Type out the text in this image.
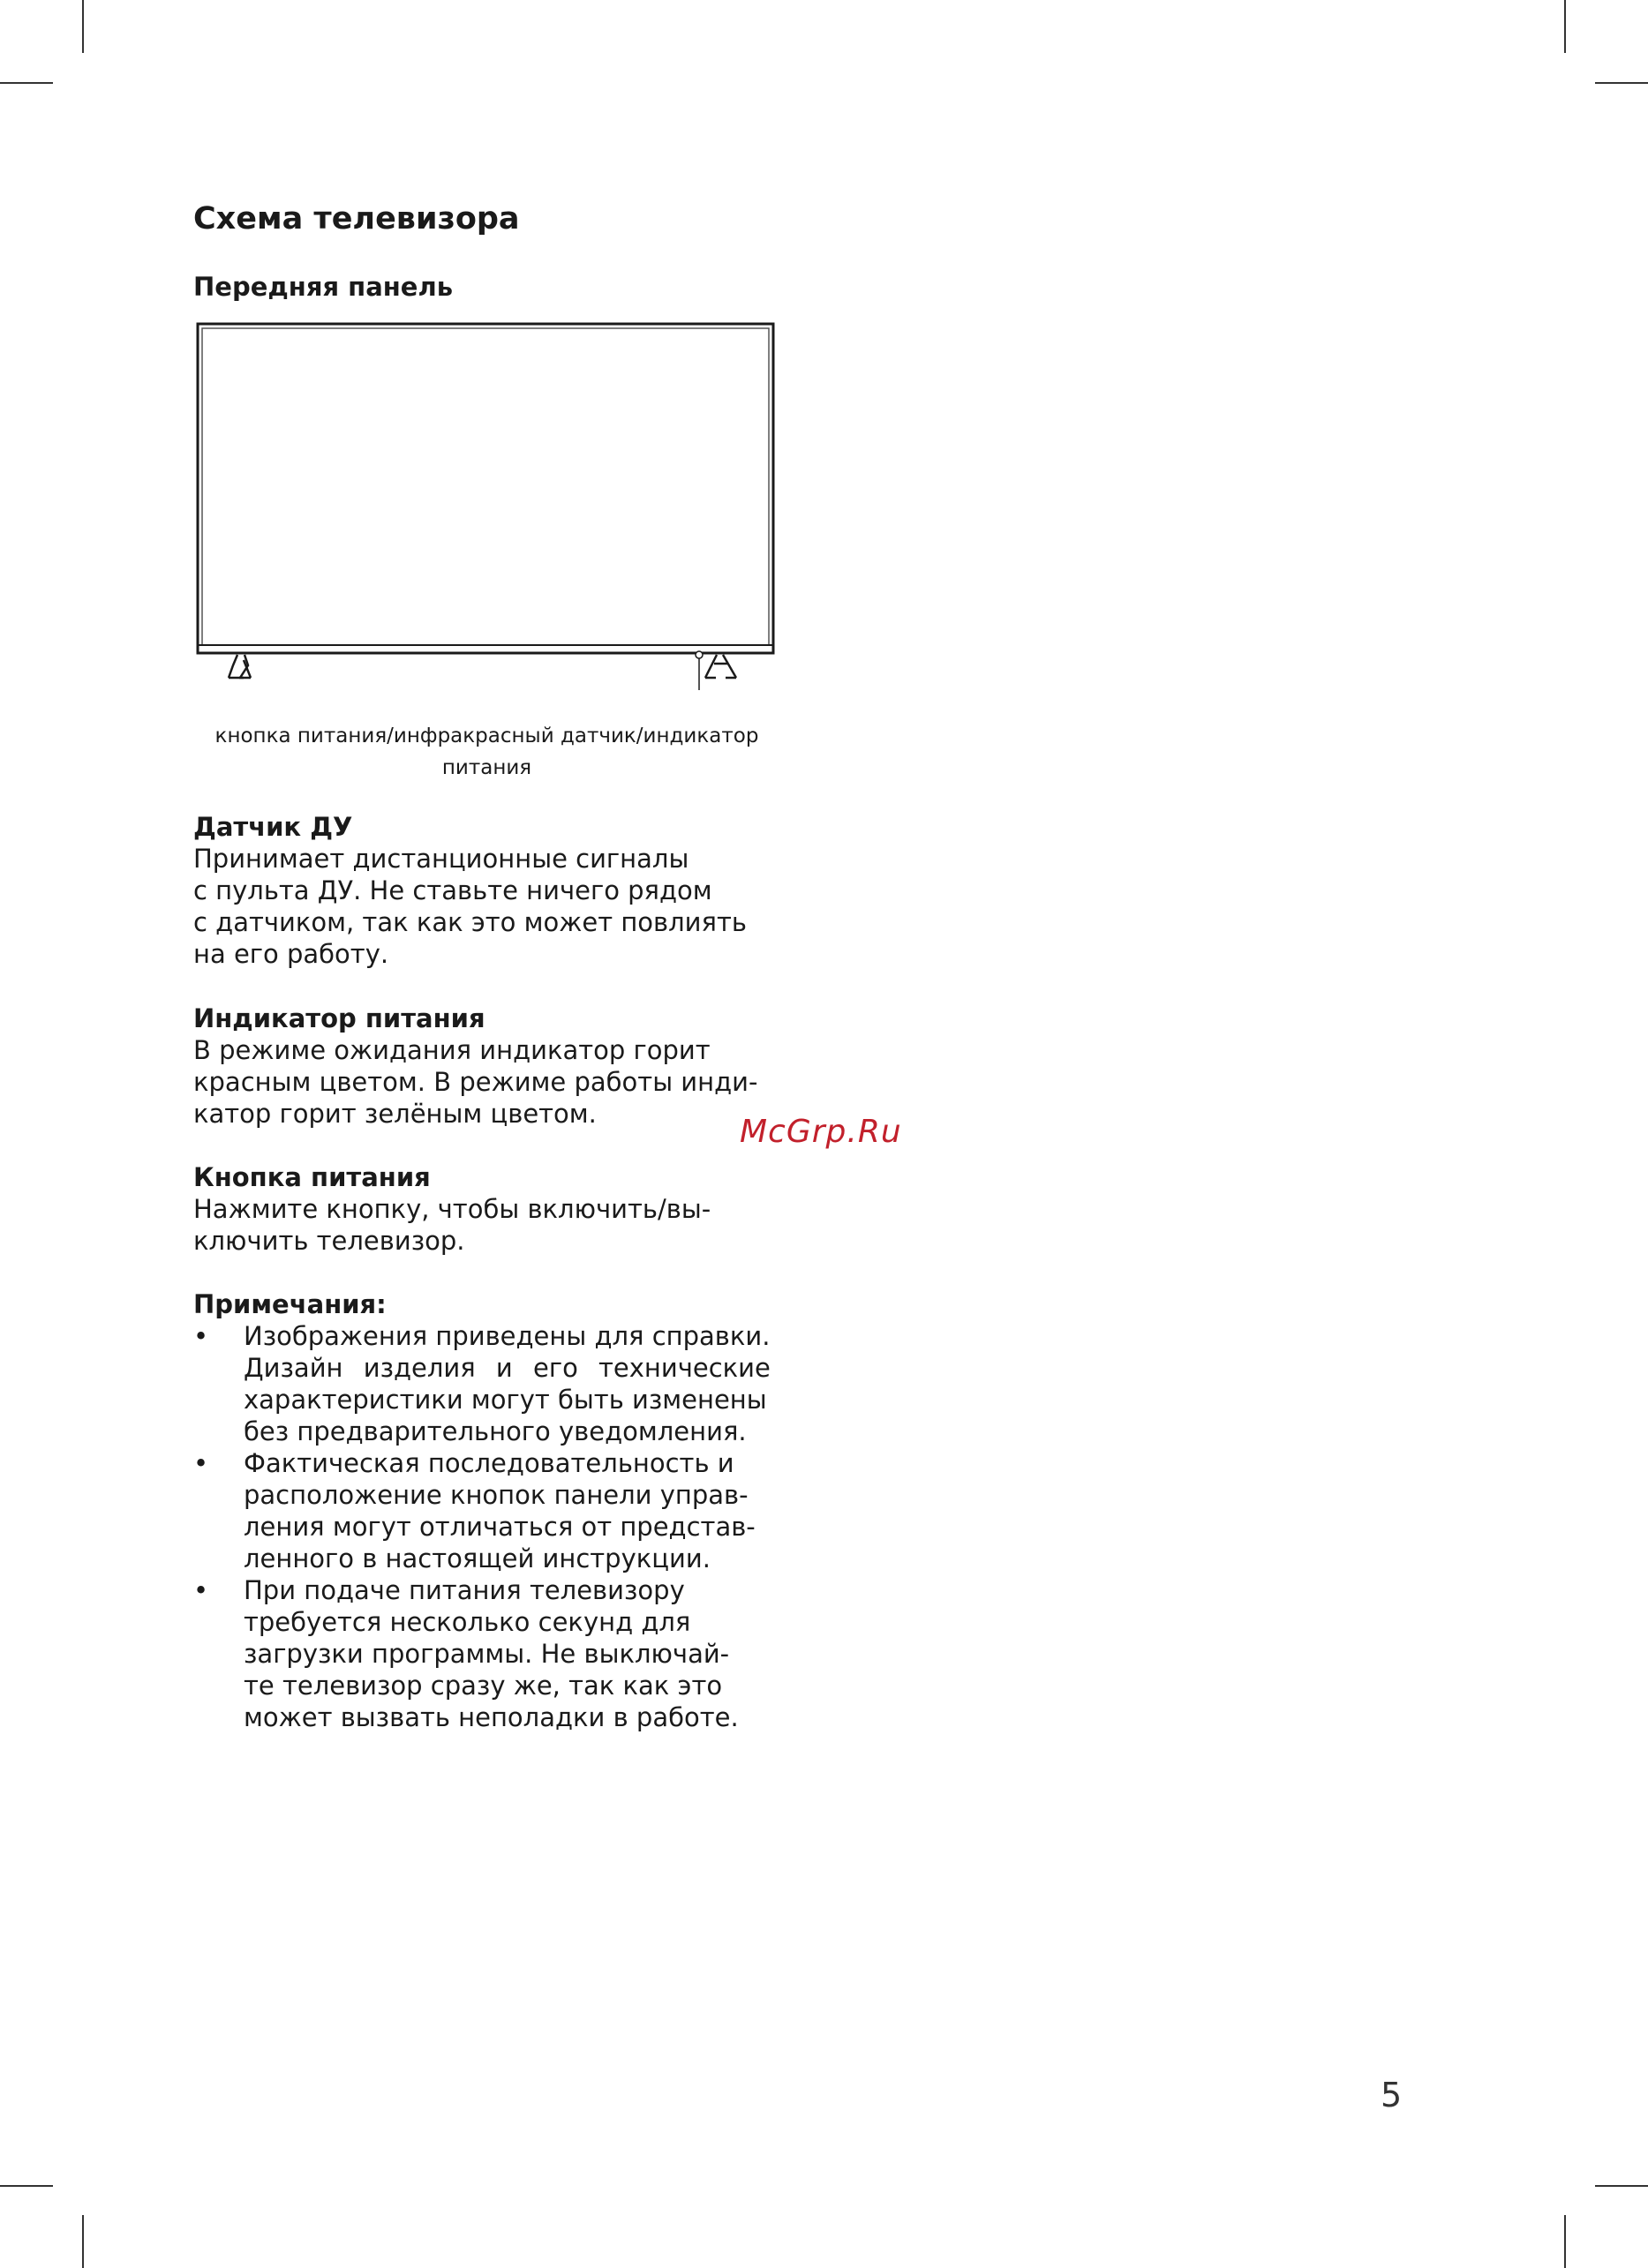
Схема телевизора
Передняя панель
кнопка питания/инфракрасный датчик/индикатор
питания
Датчик ДУ

Принимает дистанционные сигналы

с пульта ДУ. Не ставьте ничего рядом

с датчиком, так как это может повлиять

на его работу.

Индикатор питания

В режиме ожидания индикатор горит

красным цветом. В режиме работы инди-

катор горит зелёным цветом.

Кнопка питания

Нажмите кнопку, чтобы включить/вы-

ключить телевизор.

Примечания:
• Изображения приведены для справки.
Дизайн изделия и его технические
характеристики могут быть изменены
без предварительного уведомления.
• Фактическая последовательность и
расположение кнопок панели управ-
ления могут отличаться от представ-
ленного в настоящей инструкции.
• При подаче питания телевизору
требуется несколько секунд для
загрузки программы. Не выключай-
те телевизор сразу же, так как это
может вызвать неполадки в работе.
McGrp.Ru
5
